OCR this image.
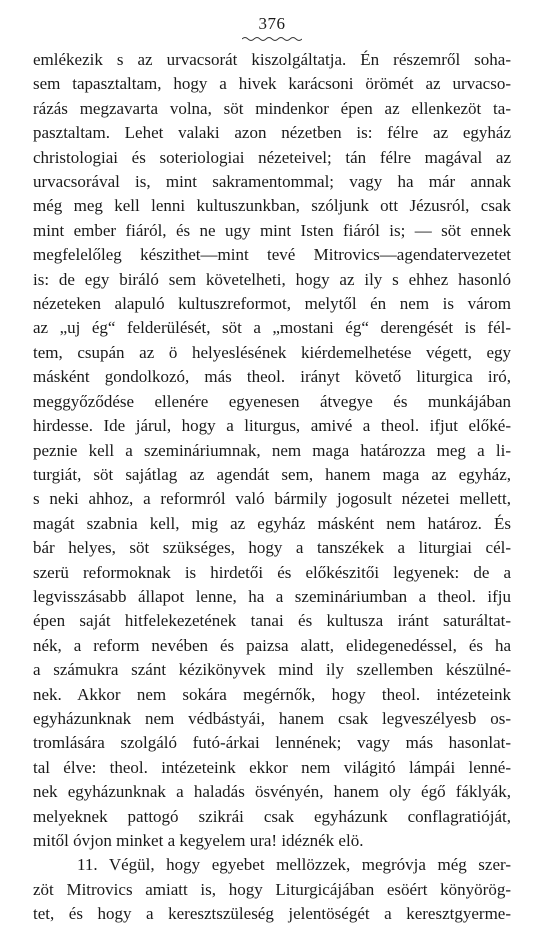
376
emlékezik s az urvacsorát kiszolgáltatja. Én részemről soha-
sem tapasztaltam, hogy a hivek karácsoni örömét az urvacso-
rázás megzavarta volna, söt mindenkor épen az ellenkezöt ta-
pasztaltam. Lehet valaki azon nézetben is: félre az egyház
christologiai és soteriologiai nézeteivel; tán félre magával az
urvacsorával is, mint sakramentommal; vagy ha már annak
még meg kell lenni kultuszunkban, szóljunk ott Jézusról, csak
mint ember fiáról, és ne ugy mint Isten fiáról is; — söt ennek
megfelelőleg készithet—mint tevé Mitrovics—agendatervezetet
is: de egy biráló sem követelheti, hogy az ily s ehhez hasonló
nézeteken alapuló kultuszreformot, melytől én nem is várom
az „uj ég“ felderülését, söt a „mostani ég“ derengését is fél-
tem, csupán az ö helyeslésének kiérdemelhetése végett, egy
másként gondolkozó, más theol. irányt követő liturgica iró,
meggyőződése ellenére egyenesen átvegye és munkájában
hirdesse. Ide járul, hogy a liturgus, amivé a theol. ifjut előké-
peznie kell a szemináriumnak, nem maga határozza meg a li-
turgiát, söt sajátlag az agendát sem, hanem maga az egyház,
s neki ahhoz, a reformról való bármily jogosult nézetei mellett,
magát szabnia kell, mig az egyház másként nem határoz. És
bár helyes, söt szükséges, hogy a tanszékek a liturgiai cél-
szerü reformoknak is hirdetői és előkészitői legyenek: de a
legvisszásabb állapot lenne, ha a szemináriumban a theol. ifju
épen saját hitfelekezetének tanai és kultusza iránt saturáltat-
nék, a reform nevében és paizsa alatt, elidegenedéssel, és ha
a számukra szánt kézikönyvek mind ily szellemben készülné-
nek. Akkor nem sokára megérnők, hogy theol. intézeteink
egyházunknak nem védbástyái, hanem csak legveszélyesb os-
tromlására szolgáló futó-árkai lennének; vagy más hasonlat-
tal élve: theol. intézeteink ekkor nem világitó lámpái lenné-
nek egyházunknak a haladás ösvényén, hanem oly égő fáklyák,
melyeknek pattogó szikrái csak egyházunk conflagratióját,
mitől óvjon minket a kegyelem ura! idéznék elö.
11. Végül, hogy egyebet mellözzek, megróvja még szer-
zöt Mitrovics amiatt is, hogy Liturgicájában esöért könyörög-
tet, és hogy a keresztszüleség jelentöségét a keresztgyerme-
